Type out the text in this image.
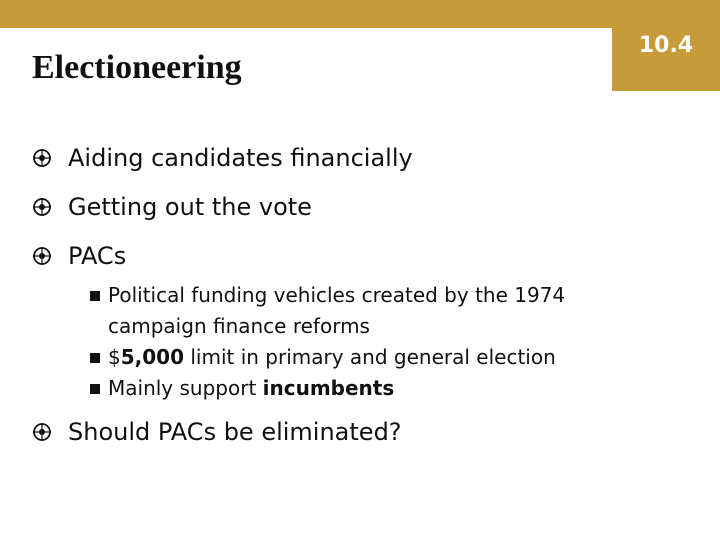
10.4
Electioneering
Aiding candidates financially
Getting out the vote
PACs
Political funding vehicles created by the 1974
campaign finance reforms
$5,000 limit in primary and general election
Mainly support incumbents
Should PACs be eliminated?
